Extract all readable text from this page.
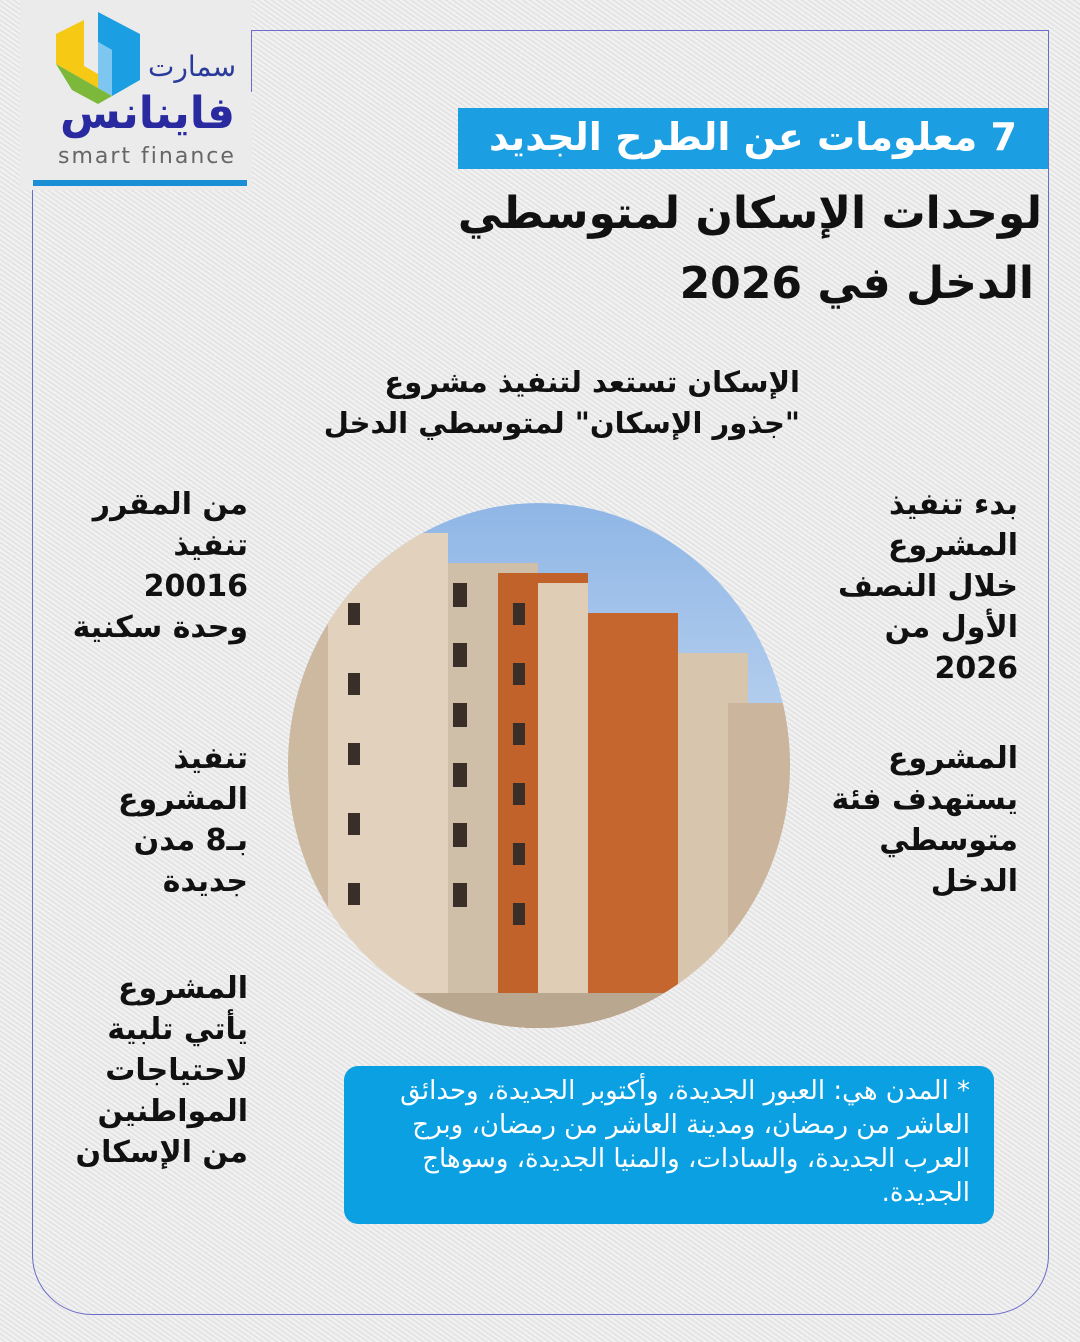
سمارت
فاينانس
smart finance	7 معلومات عن الطرح الجديد
لوحدات الإسكان لمتوسطي
الدخل في 2026
الإسكان تستعد لتنفيذ مشروع "جذور الإسكان" لمتوسطي الدخل
من المقرر تنفيذ 20016 وحدة سكنية
تنفيذ المشروع بـ8 مدن جديدة
المشروع يأتي تلبية لاحتياجات المواطنين من الإسكان
بدء تنفيذ المشروع خلال النصف الأول من 2026
المشروع يستهدف فئة متوسطي الدخل
* المدن هي: العبور الجديدة، وأكتوبر الجديدة، وحدائق العاشر من رمضان، ومدينة العاشر من رمضان، وبرج العرب الجديدة، والسادات، والمنيا الجديدة، وسوهاج الجديدة.
